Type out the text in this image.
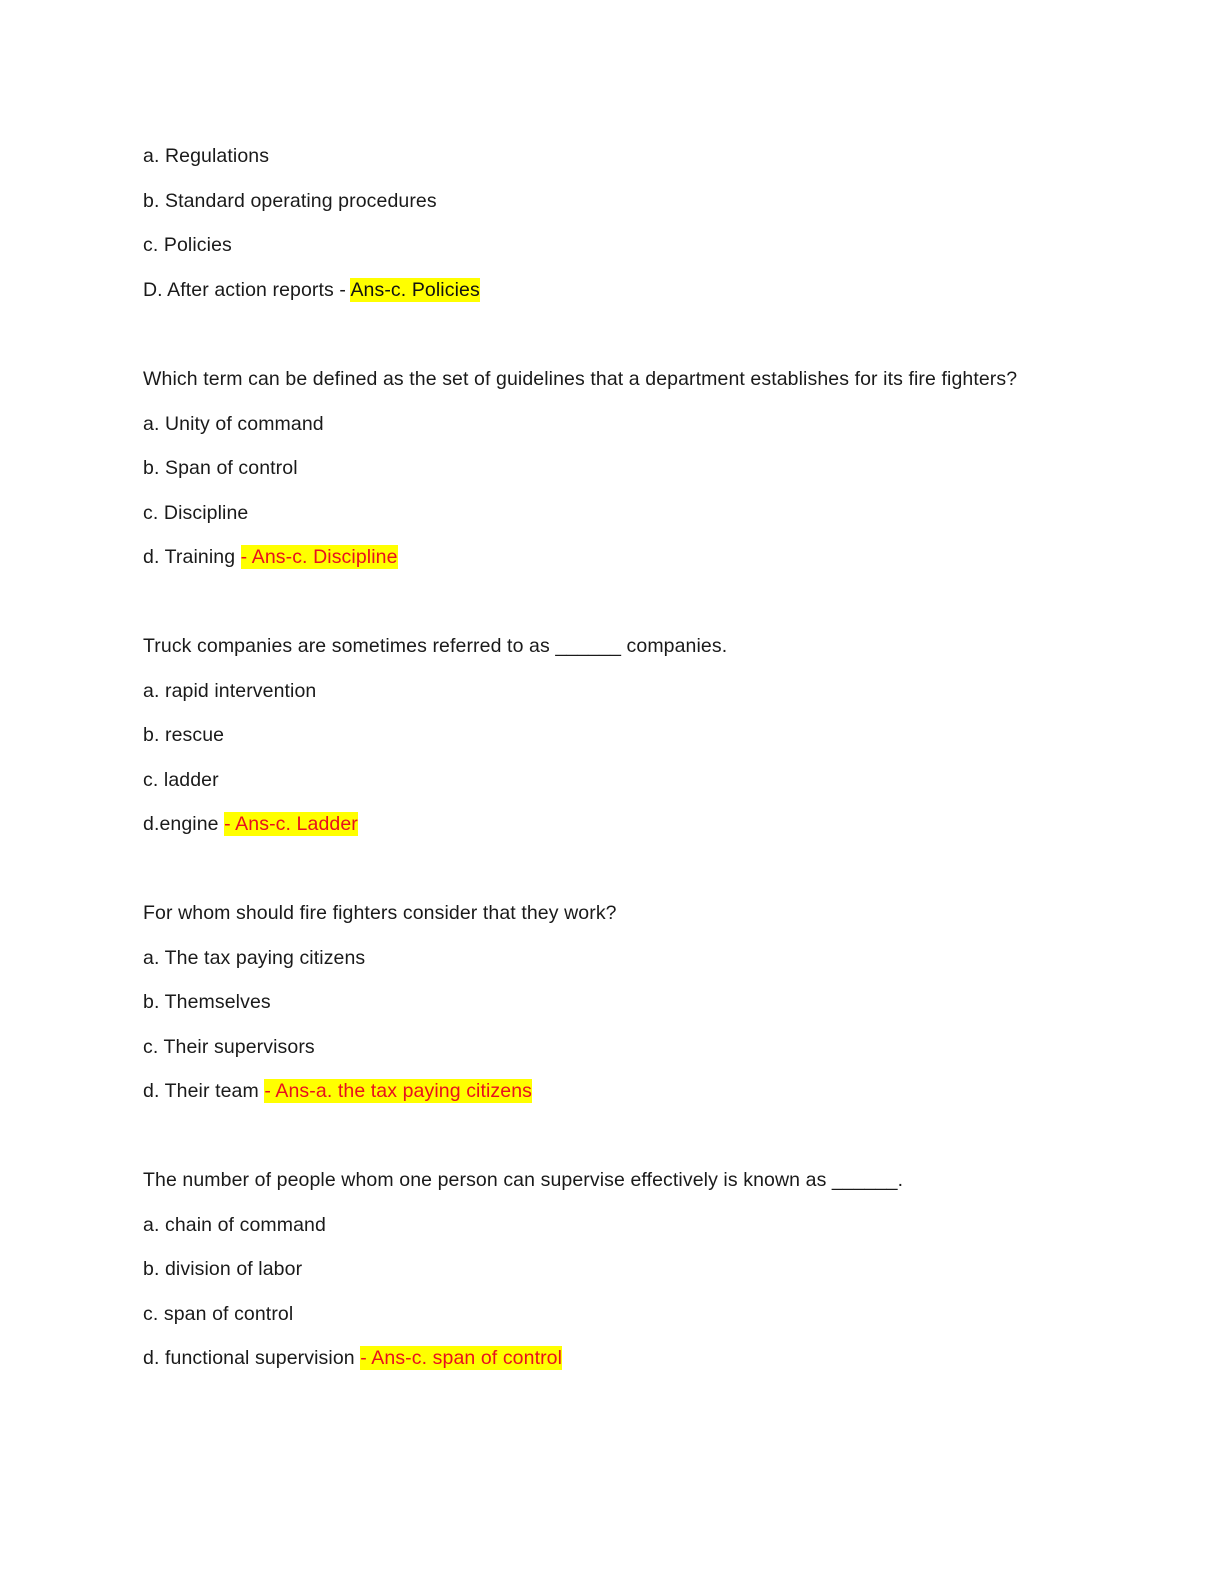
a. Regulations
b. Standard operating procedures
c. Policies
D. After action reports - Ans-c. Policies
Which term can be defined as the set of guidelines that a department establishes for its fire fighters?
a. Unity of command
b. Span of control
c. Discipline
d. Training - Ans-c. Discipline
Truck companies are sometimes referred to as ______ companies.
a. rapid intervention
b. rescue
c. ladder
d.engine - Ans-c. Ladder
For whom should fire fighters consider that they work?
a. The tax paying citizens
b. Themselves
c. Their supervisors
d. Their team - Ans-a. the tax paying citizens
The number of people whom one person can supervise effectively is known as ______.
a. chain of command
b. division of labor
c. span of control
d. functional supervision - Ans-c. span of control
